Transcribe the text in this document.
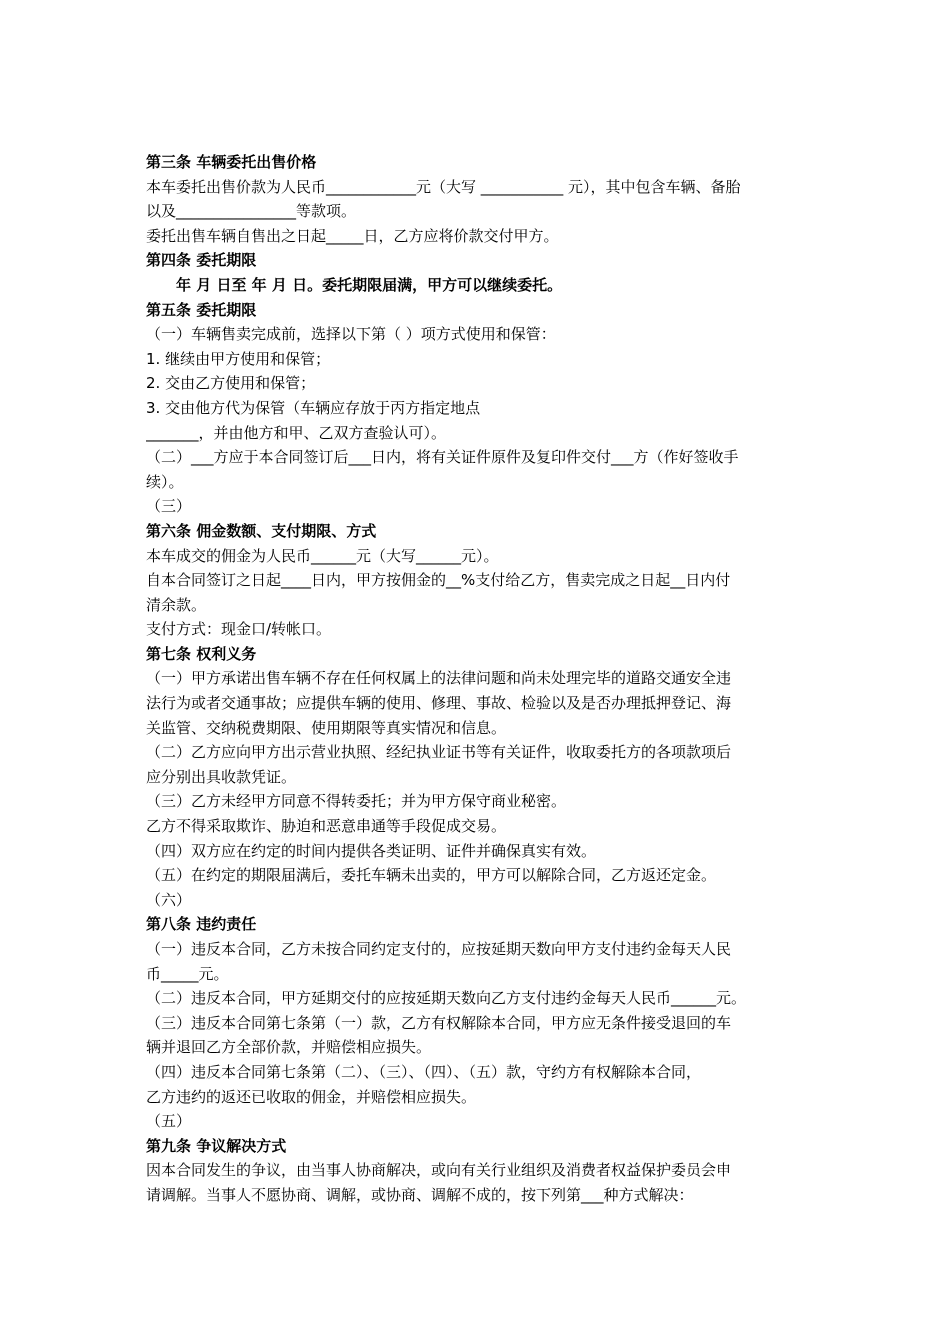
第三条 车辆委托出售价格
本车委托出售价款为人民币____________元（大写 ___________ 元），其中包含车辆、备胎
以及________________等款项。
委托出售车辆自售出之日起_____日，乙方应将价款交付甲方。
第四条 委托期限
年 月 日至 年 月 日。委托期限届满，甲方可以继续委托。
第五条 委托期限
（一）车辆售卖完成前，选择以下第（ ）项方式使用和保管：
1. 继续由甲方使用和保管；
2. 交由乙方使用和保管；
3. 交由他方代为保管（车辆应存放于丙方指定地点
_______，并由他方和甲、乙双方查验认可）。
（二）___方应于本合同签订后___日内，将有关证件原件及复印件交付___方（作好签收手
续）。
（三）
第六条 佣金数额、支付期限、方式
本车成交的佣金为人民币______元（大写______元）。
自本合同签订之日起____日内，甲方按佣金的__%支付给乙方，售卖完成之日起__日内付
清余款。
支付方式：现金口/转帐口。
第七条 权利义务
（一）甲方承诺出售车辆不存在任何权属上的法律问题和尚未处理完毕的道路交通安全违
法行为或者交通事故；应提供车辆的使用、修理、事故、检验以及是否办理抵押登记、海
关监管、交纳税费期限、使用期限等真实情况和信息。
（二）乙方应向甲方出示营业执照、经纪执业证书等有关证件，收取委托方的各项款项后
应分别出具收款凭证。
（三）乙方未经甲方同意不得转委托；并为甲方保守商业秘密。
乙方不得采取欺诈、胁迫和恶意串通等手段促成交易。
（四）双方应在约定的时间内提供各类证明、证件并确保真实有效。
（五）在约定的期限届满后，委托车辆未出卖的，甲方可以解除合同，乙方返还定金。
（六）
第八条 违约责任
（一）违反本合同，乙方未按合同约定支付的，应按延期天数向甲方支付违约金每天人民
币_____元。
（二）违反本合同，甲方延期交付的应按延期天数向乙方支付违约金每天人民币______元。
（三）违反本合同第七条第（一）款，乙方有权解除本合同，甲方应无条件接受退回的车
辆并退回乙方全部价款，并赔偿相应损失。
（四）违反本合同第七条第（二）、（三）、（四）、（五）款，守约方有权解除本合同，
乙方违约的返还已收取的佣金，并赔偿相应损失。
（五）
第九条 争议解决方式
因本合同发生的争议，由当事人协商解决，或向有关行业组织及消费者权益保护委员会申
请调解。当事人不愿协商、调解，或协商、调解不成的，按下列第___种方式解决：
